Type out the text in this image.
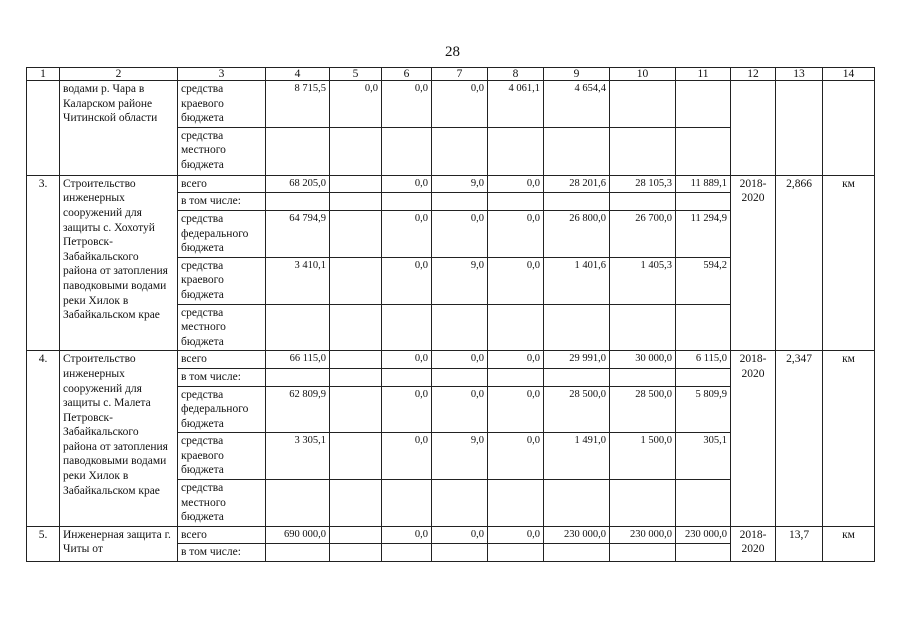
28
1	2	3	4	5	6	7	8	9	10	11	12	13	14
	водами р. Чара в Каларском районе Читинской области	средства краевого бюджета	8 715,5	0,0	0,0	0,0	4 061,1	4 654,4					
		средства местного бюджета											
3.	Строительство инженерных сооружений для защиты с. Хохотуй Петровск-Забайкальского района от затопления паводковыми водами реки Хилок в Забайкальском крае	всего	68 205,0		0,0	9,0	0,0	28 201,6	28 105,3	11 889,1	2018-2020	2,866	км
		в том числе:											
		средства федерального бюджета	64 794,9		0,0	0,0	0,0	26 800,0	26 700,0	11 294,9			
		средства краевого бюджета	3 410,1		0,0	9,0	0,0	1 401,6	1 405,3	594,2			
		средства местного бюджета											
4.	Строительство инженерных сооружений для защиты с. Малета Петровск-Забайкальского района от затопления паводковыми водами реки Хилок в Забайкальском крае	всего	66 115,0		0,0	0,0	0,0	29 991,0	30 000,0	6 115,0	2018-2020	2,347	км
		в том числе:											
		средства федерального бюджета	62 809,9		0,0	0,0	0,0	28 500,0	28 500,0	5 809,9			
		средства краевого бюджета	3 305,1		0,0	9,0	0,0	1 491,0	1 500,0	305,1			
		средства местного бюджета											
5.	Инженерная защита г. Читы от	всего	690 000,0		0,0	0,0	0,0	230 000,0	230 000,0	230 000,0	2018-2020	13,7	км
		в том числе:											
